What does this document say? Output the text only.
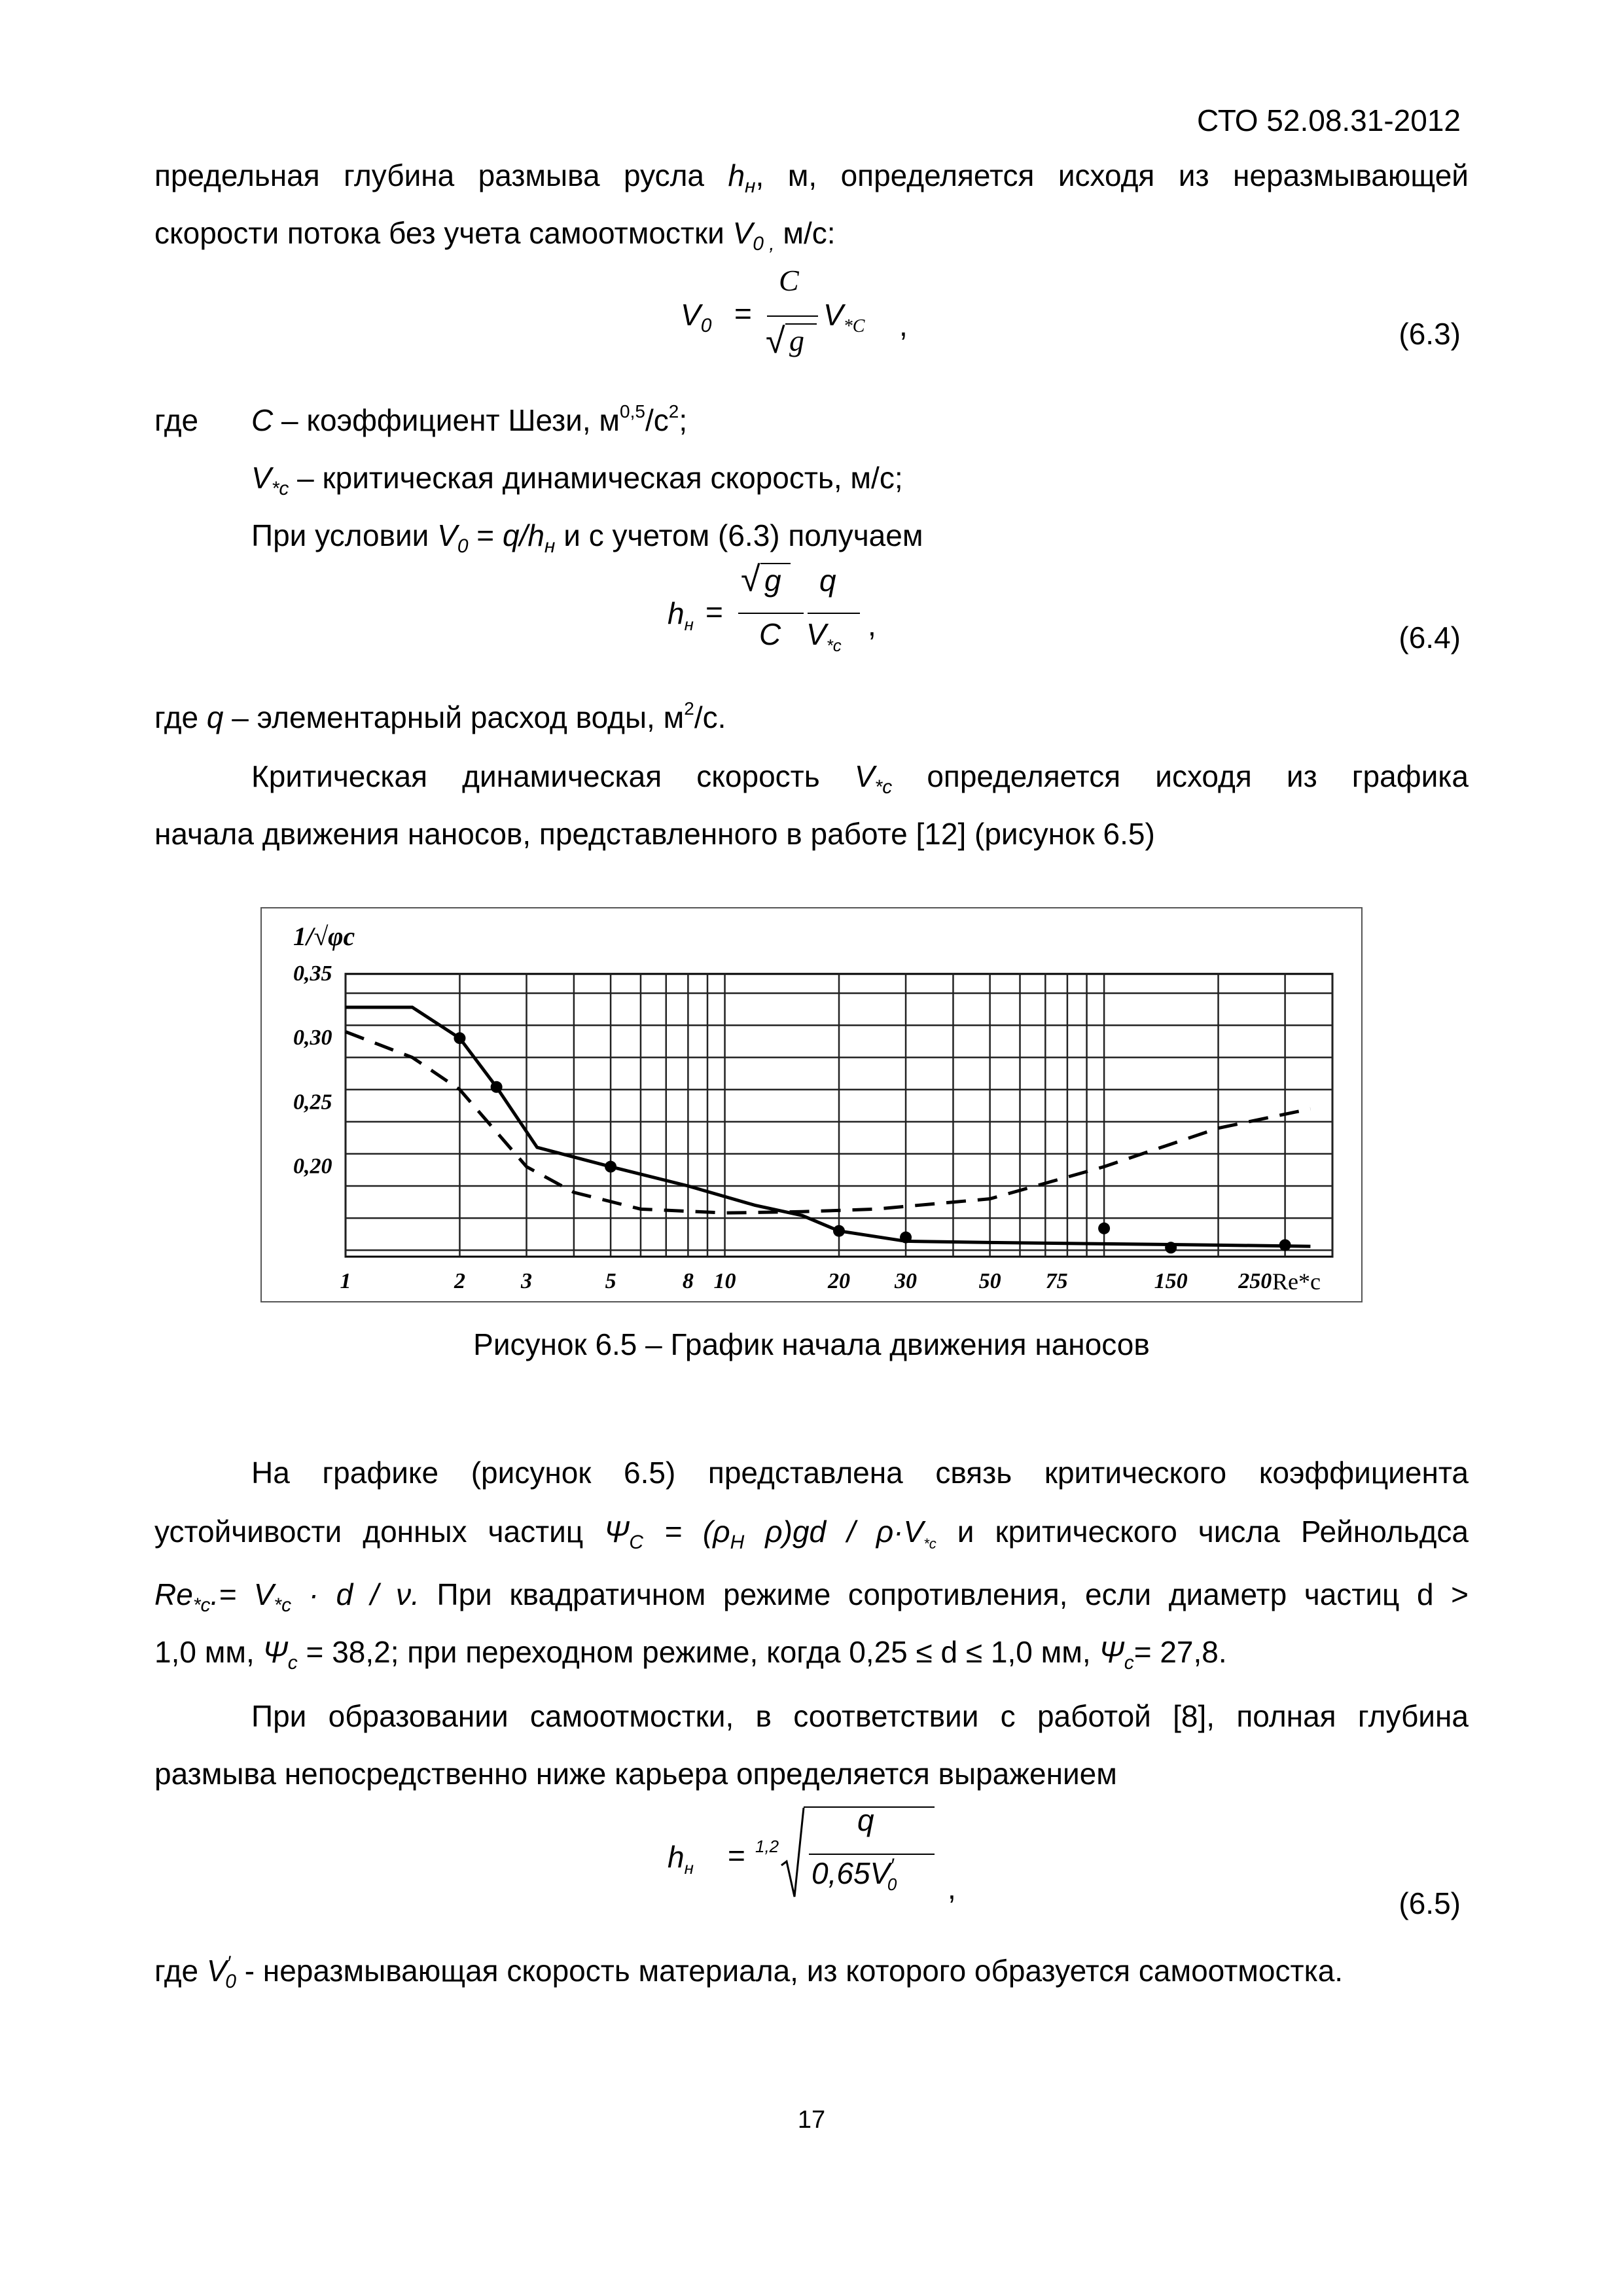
СТО 52.08.31-2012
предельная глубина размыва русла $h_н$, м, определяется исходя из неразмывающей
скорости потока без учета самоотмостки $V_{0 ,}$ м/с:
$V_0$ =
C
√ g
$V_{*C}$ ,	(6.3)
где C – коэффициент Шези, $м^{0,5}/с^2$;
$V_{*с}$ – критическая динамическая скорость, м/с;
При условии $V_0 = q/h_н$ и с учетом (6.3) получаем
$h_н$ =
√ g
C
q
$V_{*c}$
,	(6.4)
где q – элементарный расход воды, $м^2/с$.
Критическая динамическая скорость $V_{*с}$ определяется исходя из графика
начала движения наносов, представленного в работе [12] (рисунок 6.5)
1	2	3	5	8 10	20 30	50 75	150 250
0,35
0,30
0,25
0,20
1/√φc
Re*c
Рисунок 6.5 – График начала движения наносов
На графике (рисунок 6.5) представлена связь критического коэффициента
устойчивости донных частиц $\Psi_C = (\rho_Н$ $\rho)gd / \rho\cdot V_{*c}$ и критического числа Рейнольдса
$Re_{*c}.= V_{*c} \cdot d / \nu$. При квадратичном режиме сопротивления, если диаметр частиц d >
1,0 мм, $\Psi_c = 38,2$; при переходном режиме, когда 0,25 ≤ d ≤ 1,0 мм, $\Psi_c= 27,8$.
При образовании самоотмостки, в соответствии с работой [8], полная глубина
размыва непосредственно ниже карьера определяется выражением
$h_н = 1,2$
q
$0,65V'_0$ ,	(6.5)
где $V'_0$ - неразмывающая скорость материала, из которого образуется самоотмостка.
17
